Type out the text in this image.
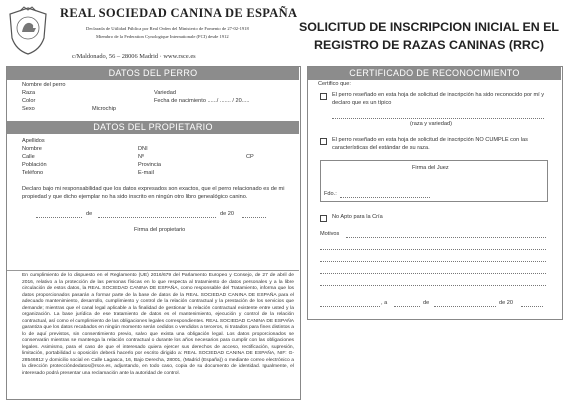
REAL SOCIEDAD CANINA DE ESPAÑA
Declarada de Utilidad Pública por Real Orden del Ministerio de Fomento de 27-02-1918
Miembro de la Federation Cynologique Internationale (FCI) desde 1912
c/Maldonado, 56 – 28006 Madrid · www.rsce.es
SOLICITUD DE INSCRIPCION INICIAL EN EL
REGISTRO DE RAZAS CANINAS (RRC)
DATOS DEL PERRO
Nombre del perro
Raza	Variedad
Color	Fecha de nacimiento ....../ ....... / 20.....
Sexo	Microchip
DATOS DEL PROPIETARIO
Apellidos
Nombre	DNI
Calle	Nº	CP
Población	Provincia
Teléfono	E-mail
Declaro bajo mi responsabilidad que los datos expresados son exactos, que el perro relacionado es de mi propiedad y que dicho ejemplar no ha sido inscrito en ningún otro libro genealógico canino.
de	de 20
Firma del propietario
En cumplimiento de lo dispuesto en el Reglamento (UE) 2016/679 del Parlamento Europeo y Consejo, de 27 de abril de 2016, relativo a la protección de las personas físicas en lo que respecta al tratamiento de datos personales y a la libre circulación de estos datos, la REAL SOCIEDAD CANINA DE ESPAÑA, como responsable del Tratamiento, informa que los datos proporcionados pasarán a formar parte de la base de datos de la REAL SOCIEDAD CANINA DE ESPAÑA para el adecuado mantenimiento, desarrollo, cumplimiento y control de la relación contractual y la prestación de los servicios que demande; mientras que el canal legal aplicable a la finalidad de gestionar la relación contractual existente entre usted y la organización. La base jurídica de ese tratamiento de datos es el mantenimiento, ejecución y control de la relación contractual, así como el cumplimiento de las obligaciones legales correspondientes. REAL SOCIEDAD CANINA DE ESPAÑA garantiza que los datos recabados en ningún momento serán cedidos o vendidos a terceros, ni tratados para fines distintos a lo de aquí previstos, sin consentimiento previo, salvo que exista una obligación legal. Los datos proporcionados se conservarán mientras se mantenga la relación contractual o durante los años necesarios para cumplir con las obligaciones legales. Asimismo, para el caso de que el interesado quiera ejercer sus derechos de acceso, rectificación, supresión, limitación, portabilidad u oposición deberá hacerlo por escrito dirigido a: REAL SOCIEDAD CANINA DE ESPAÑA, NIF: G-28546812 y domicilio social en Calle Lagasca, 16, Bajo Derecha, 28001, (Madrid (España)) o mediante correo electrónico a la dirección proteccióndedatos@rsce.es, adjuntando, en todo caso, copia de su documento de identidad. Igualmente, el interesado podrá presentar una reclamación ante la autoridad de control.
CERTIFICADO DE RECONOCIMIENTO
Certifico que:
El perro reseñado en esta hoja de solicitud de inscripción ha sido reconocido por mí y declaro que es un típico
(raza y variedad)
El perro reseñado en esta hoja de solicitud de inscripción NO CUMPLE con las características del estándar de su raza.
Firma del Juez
Fdo.:
No Apto para la Cría
Motivos
, a	de	de 20
